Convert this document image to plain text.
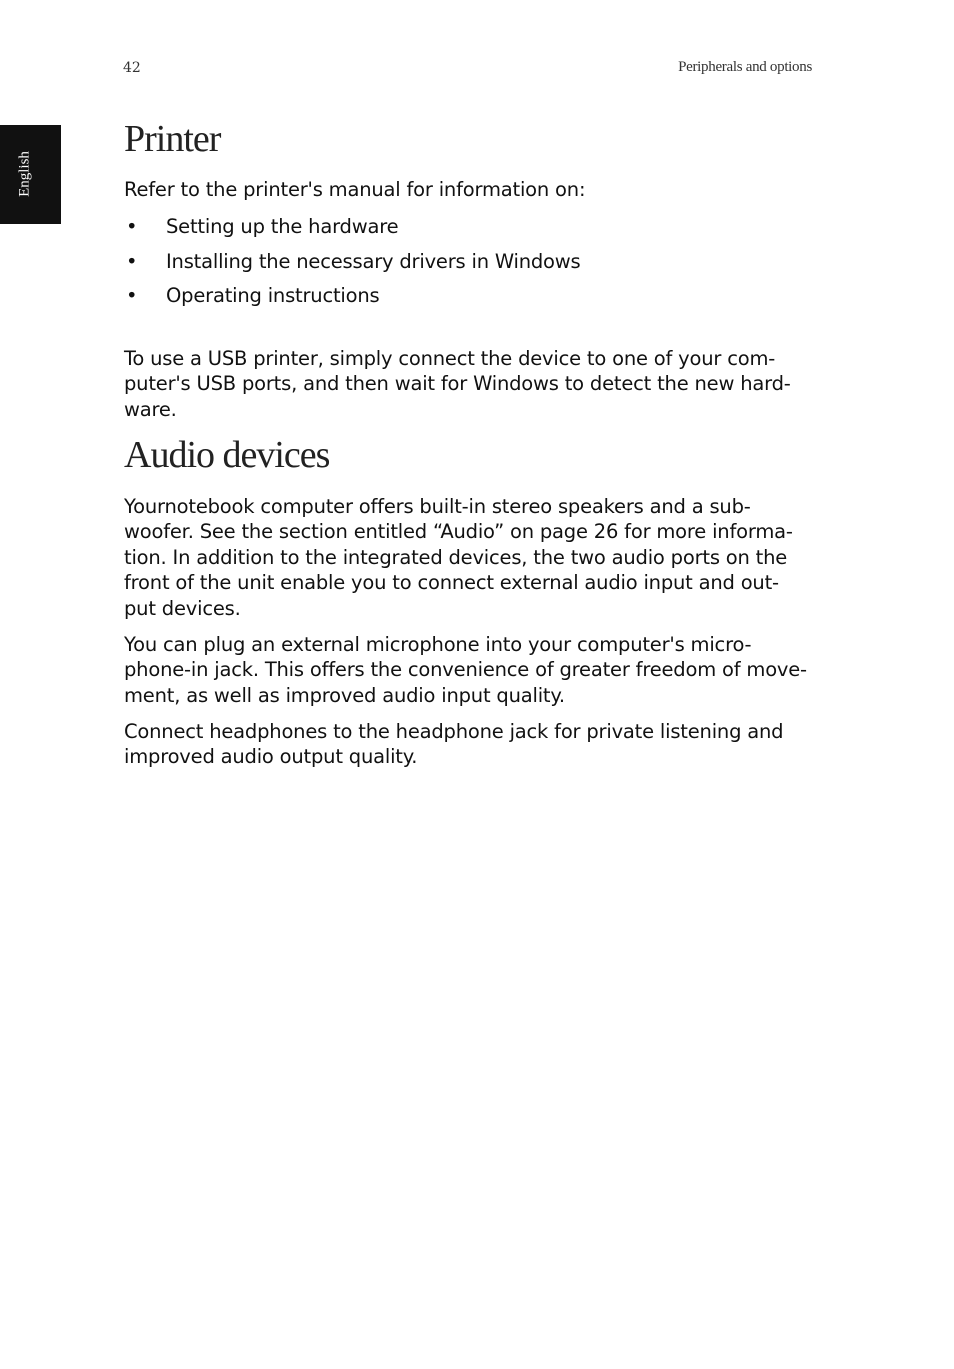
42	Peripherals and options
English
Printer

Refer to the printer's manual for information on:

• Setting up the hardware
• Installing the necessary drivers in Windows
• Operating instructions

To use a USB printer, simply connect the device to one of your com- puter's USB ports, and then wait for Windows to detect the new hard- ware.

Audio devices

Yournotebook computer offers built-in stereo speakers and a sub- woofer. See the section entitled “Audio” on page 26 for more informa- tion. In addition to the integrated devices, the two audio ports on the front of the unit enable you to connect external audio input and out- put devices.

You can plug an external microphone into your computer's micro- phone-in jack. This offers the convenience of greater freedom of move- ment, as well as improved audio input quality.

Connect headphones to the headphone jack for private listening and improved audio output quality.
